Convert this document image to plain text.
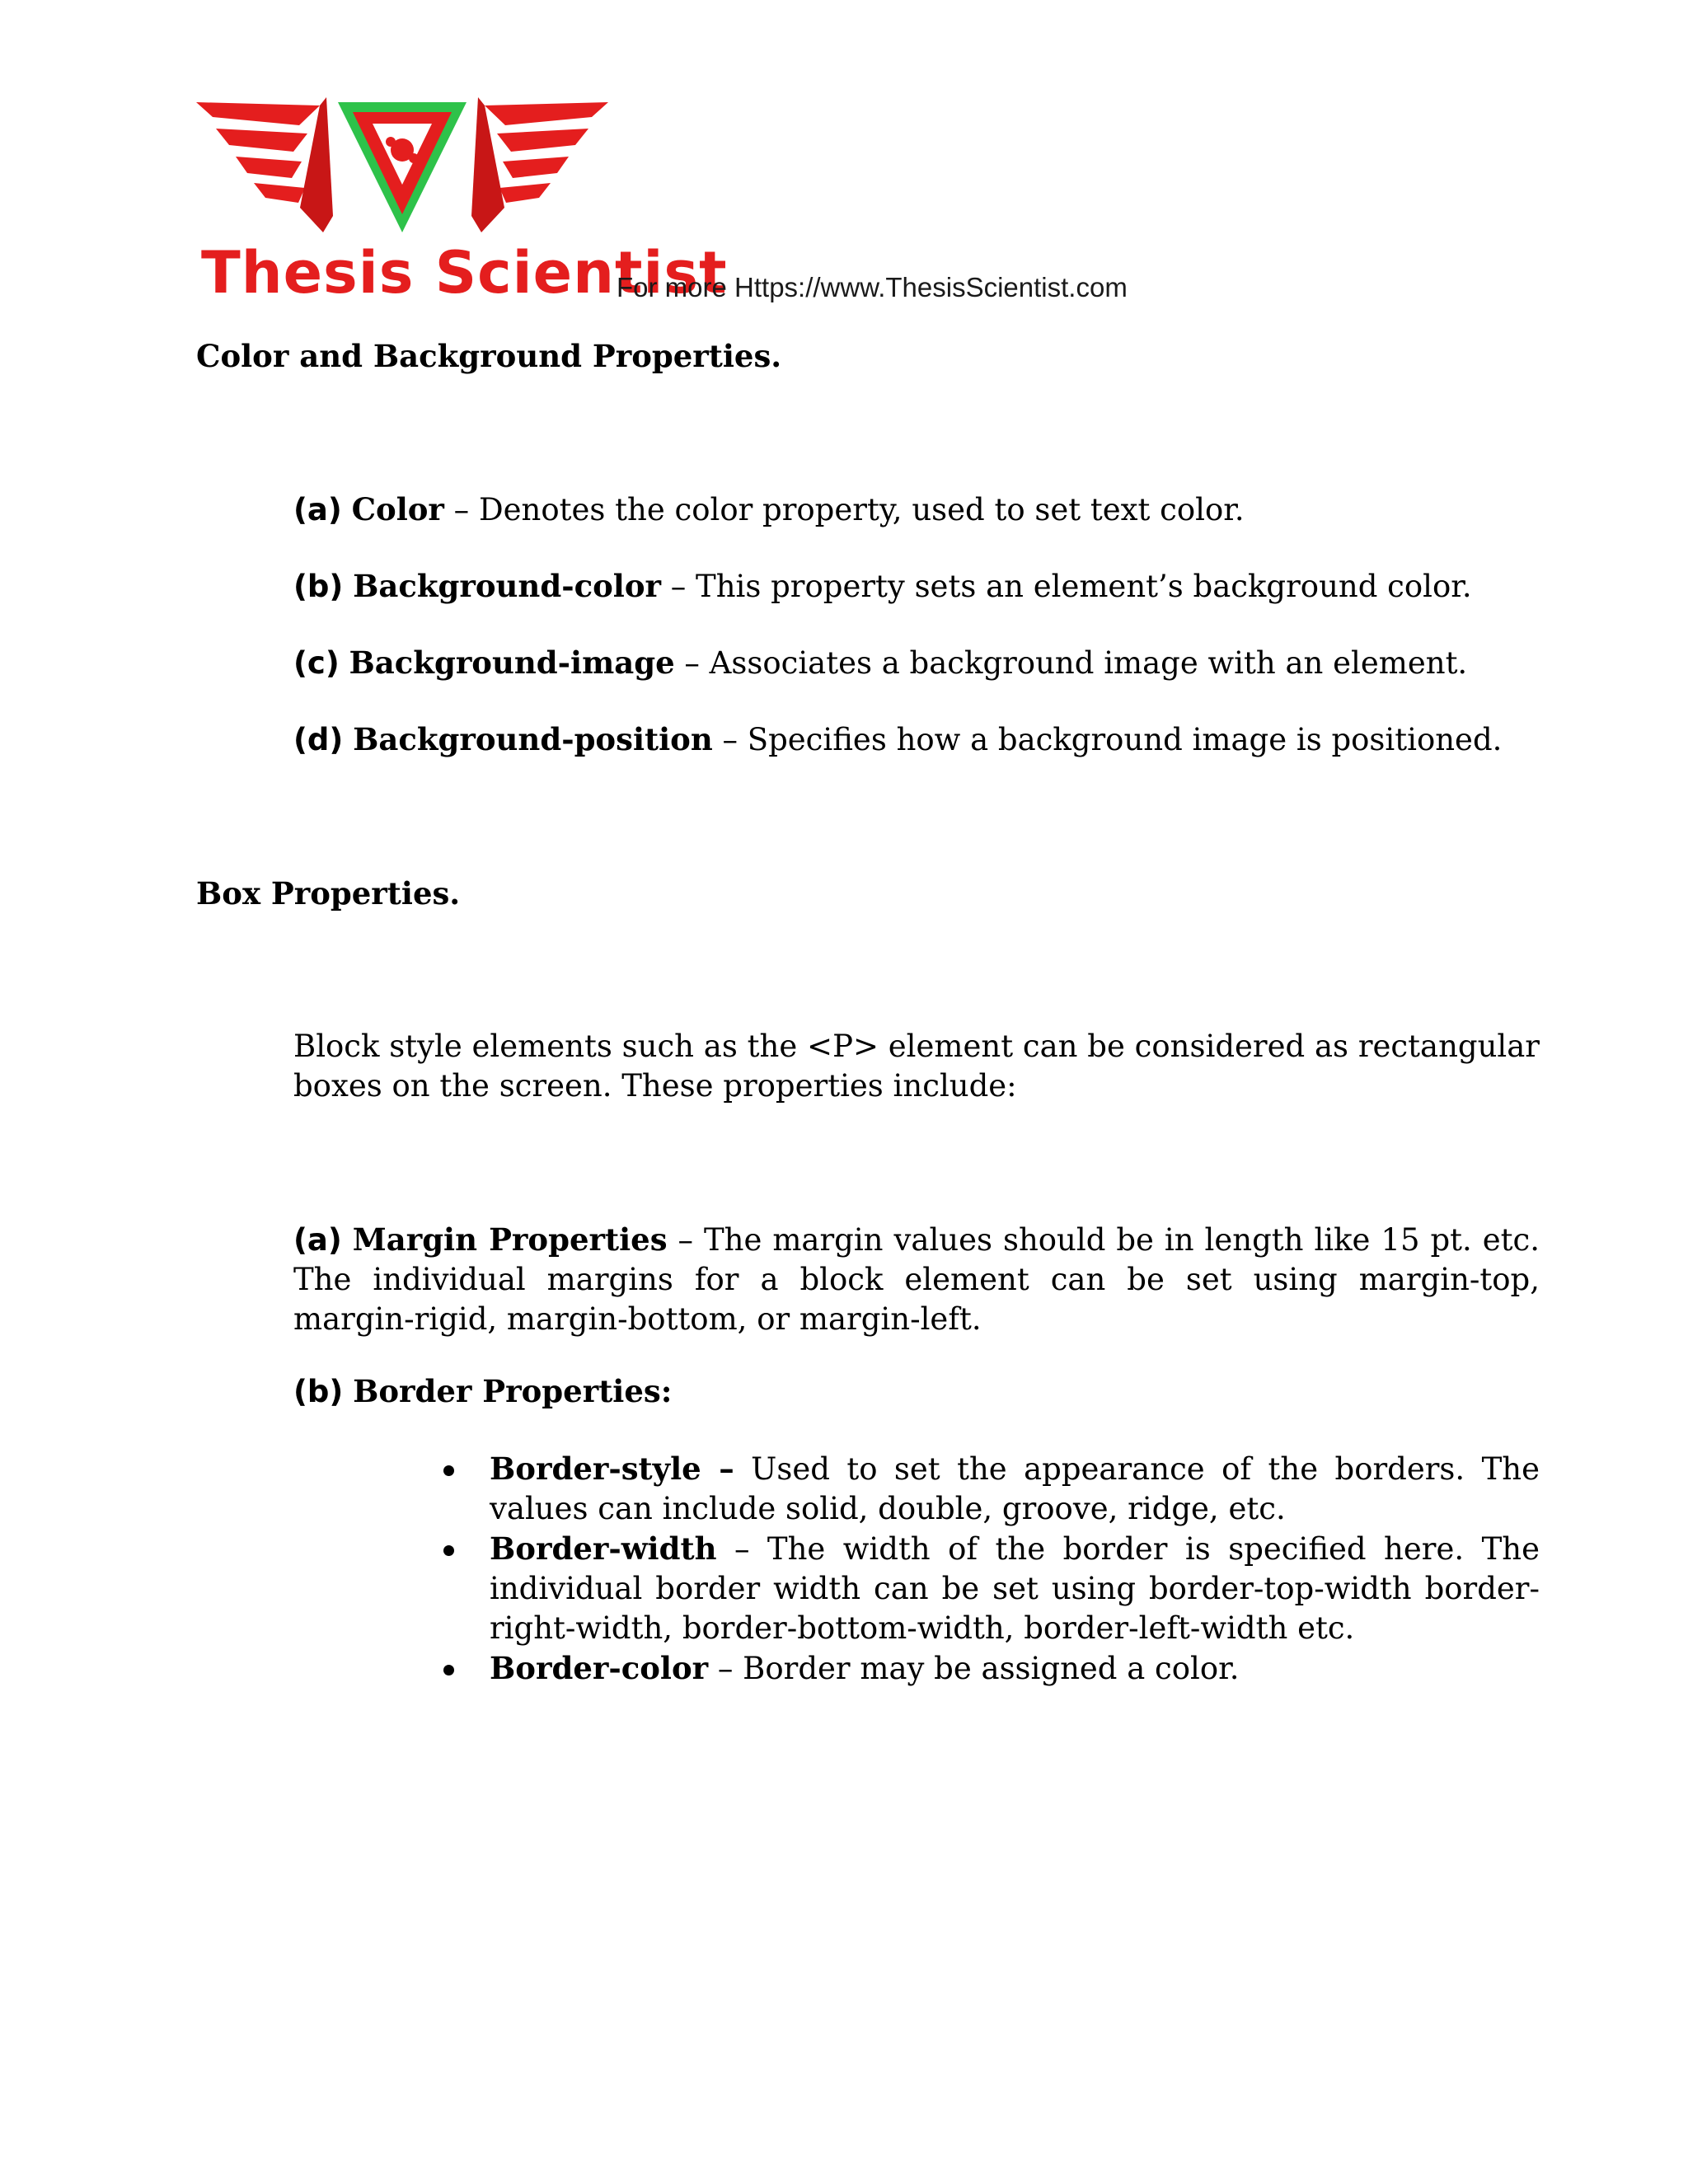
Thesis Scientist
For more Https://www.ThesisScientist.com
Color and Background Properties.
(a) Color – Denotes the color property, used to set text color.
(b) Background-color – This property sets an element’s background color.
(c) Background-image – Associates a background image with an element.
(d) Background-position – Specifies how a background image is positioned.
Box Properties.
Block style elements such as the <P> element can be considered as rectangular boxes on the screen. These properties include:
(a) Margin Properties – The margin values should be in length like 15 pt. etc. The individual margins for a block element can be set using margin-top, margin-rigid, margin-bottom, or margin-left.
(b) Border Properties:
Border-style – Used to set the appearance of the borders. The values can include solid, double, groove, ridge, etc.
Border-width – The width of the border is specified here. The individual border width can be set using border-top-width border-right-width, border-bottom-width, border-left-width etc.
Border-color – Border may be assigned a color.
